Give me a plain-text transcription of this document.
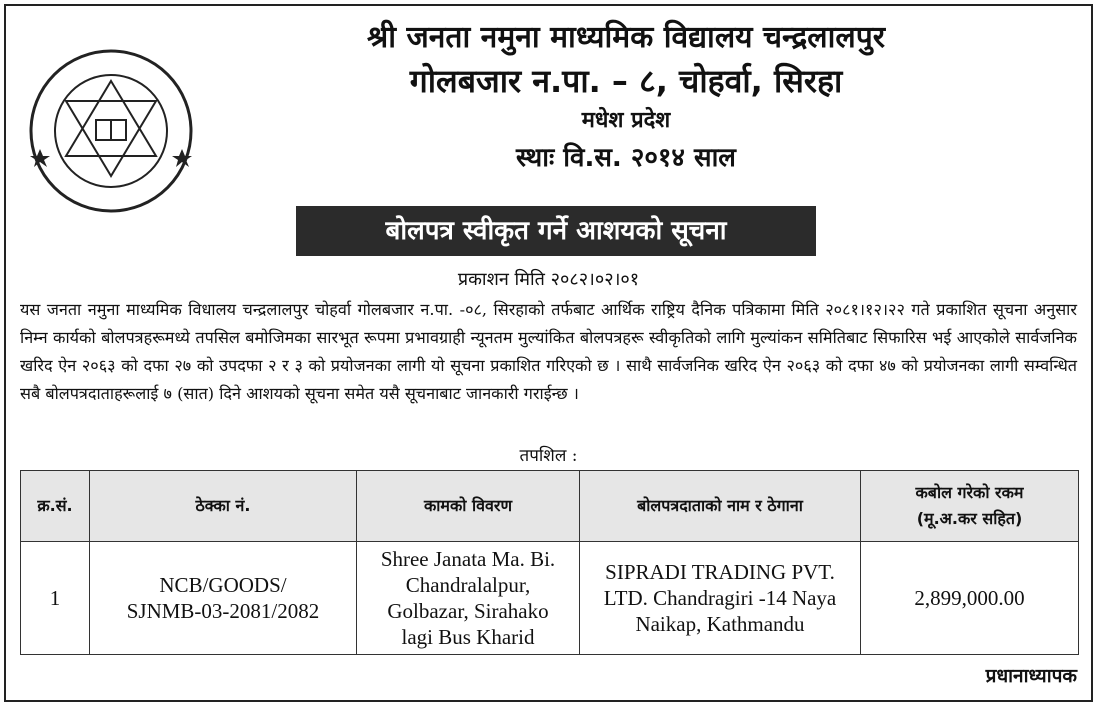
श्री जनता नमुना माध्यमिक विद्यालय चन्द्रलालपुर
गोलबजार न.पा. – ८, चोहर्वा, सिरहा
मधेश प्रदेश
स्थाः वि.स. २०१४ साल
बोलपत्र स्वीकृत गर्ने आशयको सूचना
प्रकाशन मिति २०८२।०२।०१
यस जनता नमुना माध्यमिक विधालय चन्द्रलालपुर चोहर्वा गोलबजार न.पा. -०८, सिरहाको तर्फबाट आर्थिक राष्ट्रिय दैनिक पत्रिकामा मिति २०८१।१२।२२ गते प्रकाशित सूचना अनुसार निम्न कार्यको बोलपत्रहरूमध्ये तपसिल बमोजिमका सारभूत रूपमा प्रभावग्राही न्यूनतम मुल्यांकित बोलपत्रहरू स्वीकृतिको लागि मुल्यांकन समितिबाट सिफारिस भई आएकोले सार्वजनिक खरिद ऐन २०६३ को दफा २७ को उपदफा २ र ३ को प्रयोजनका लागी यो सूचना प्रकाशित गरिएको छ । साथै सार्वजनिक खरिद ऐन २०६३ को दफा ४७ को प्रयोजनका लागी सम्वन्धित सबै बोलपत्रदाताहरूलाई ७ (सात) दिने आशयको सूचना समेत यसै सूचनाबाट जानकारी गराईन्छ ।
तपशिल :
क्र.सं.	ठेक्का नं.	कामको विवरण	बोलपत्रदाताको नाम र ठेगाना	कबोल गरेको रकम
(मू.अ.कर सहित)

1	NCB/GOODS/ SJNMB-03-2081/2082	Shree Janata Ma. Bi. Chandralalpur, Golbazar, Sirahako lagi Bus Kharid	SIPRADI TRADING PVT. LTD. Chandragiri -14 Naya Naikap, Kathmandu	2,899,000.00
प्रधानाध्यापक
